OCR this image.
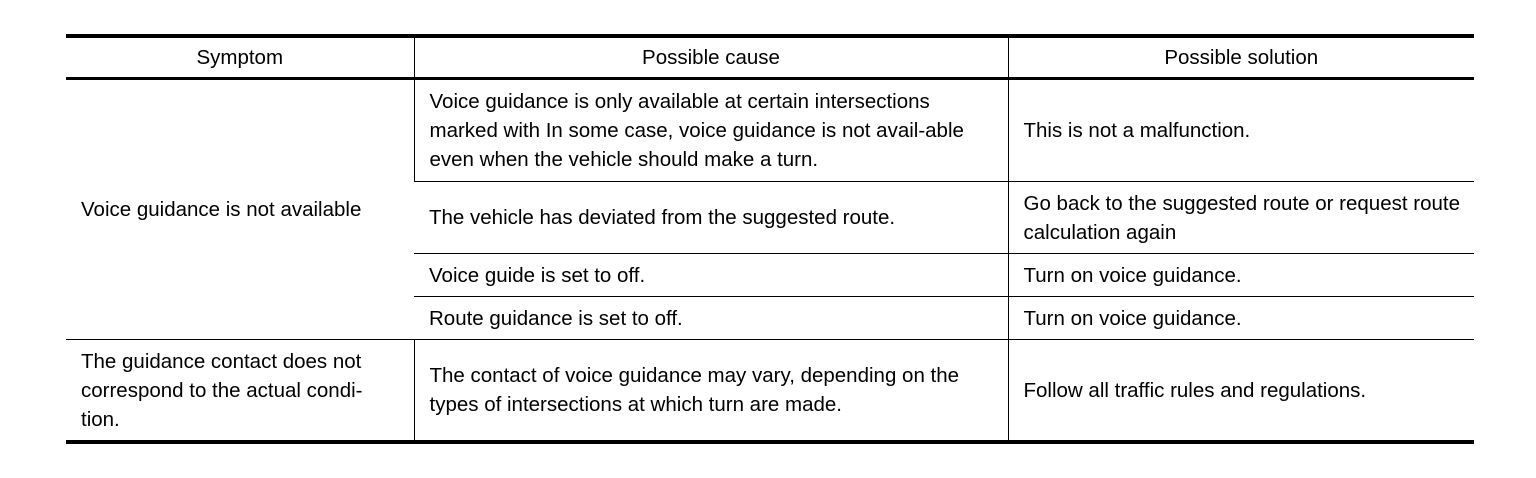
Symptom	Possible cause	Possible solution
Voice guidance is not available	Voice guidance is only available at certain intersections marked with In some case, voice guidance is not avail-able even when the vehicle should make a turn.	This is not a malfunction.
	The vehicle has deviated from the suggested route.	Go back to the suggested route or request route calculation again
	Voice guide is set to off.	Turn on voice guidance.
	Route guidance is set to off.	Turn on voice guidance.
The guidance contact does not correspond to the actual condi-tion.	The contact of voice guidance may vary, depending on the types of intersections at which turn are made.	Follow all traffic rules and regulations.
